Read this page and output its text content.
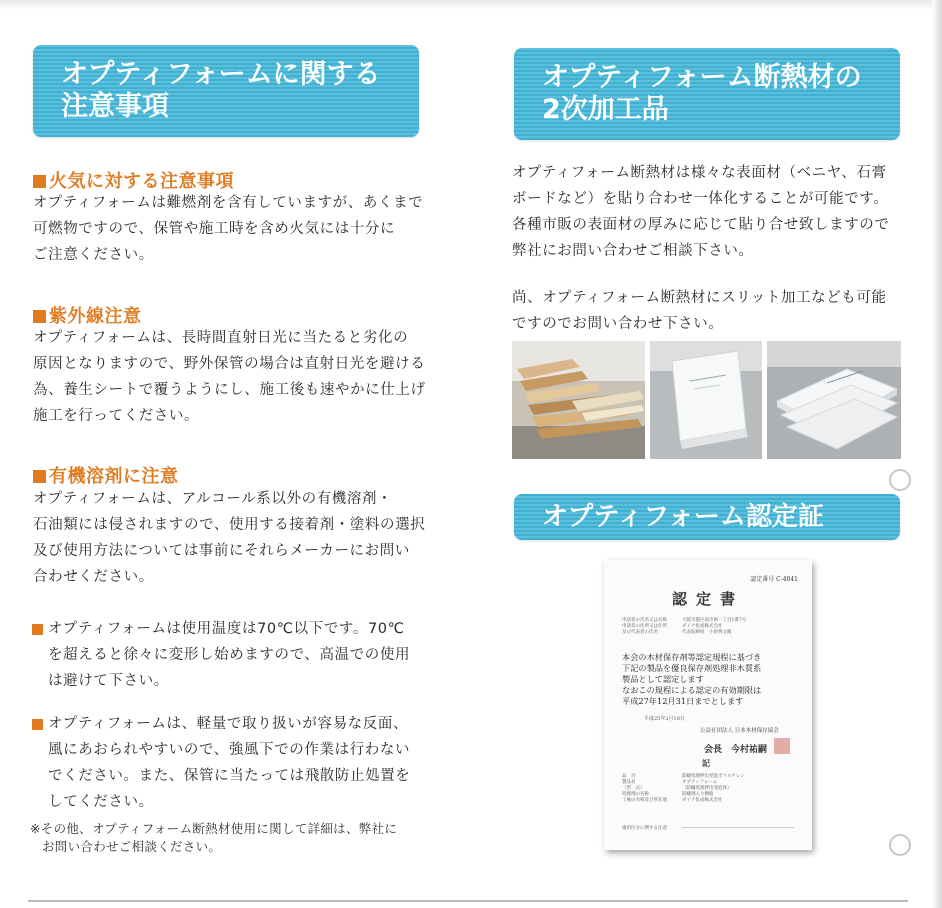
オプティフォームに関する
注意事項
火気に対する注意事項
オプティフォームは難燃剤を含有していますが、あくまで
可燃物ですので、保管や施工時を含め火気には十分に
ご注意ください。
紫外線注意
オプティフォームは、長時間直射日光に当たると劣化の
原因となりますので、野外保管の場合は直射日光を避ける
為、養生シートで覆うようにし、施工後も速やかに仕上げ
施工を行ってください。
有機溶剤に注意
オプティフォームは、アルコール系以外の有機溶剤・
石油類には侵されますので、使用する接着剤・塗料の選択
及び使用方法については事前にそれらメーカーにお問い
合わせください。
オプティフォームは使用温度は70℃以下です。70℃
を超えると徐々に変形し始めますので、高温での使用
は避けて下さい。
オプティフォームは、軽量で取り扱いが容易な反面、
風にあおられやすいので、強風下での作業は行わない
でください。また、保管に当たっては飛散防止処置を
してください。
※その他、オプティフォーム断熱材使用に関して詳細は、弊社に
お問い合わせご相談ください。
オプティフォーム断熱材の
2次加工品
オプティフォーム断熱材は様々な表面材（ベニヤ、石膏
ボードなど）を貼り合わせ一体化することが可能です。
各種市販の表面材の厚みに応じて貼り合せ致しますので
弊社にお問い合わせご相談下さい。
尚、オプティフォーム断熱材にスリット加工なども可能
ですのでお問い合わせ下さい。
オプティフォーム認定証
認定番号 C-4041
認定書
申請者の氏名又は名称
申請者の住所又は住所
及び代表者の氏名
大阪市港区南市岡一丁目1番7号
ダイナ化成株式会社
代表取締役　小原秀文殿
本会の木材保存剤等認定規程に基づき
下記の製品を優良保存剤処理非木質系
製品として認定します
なおこの規程による認定の有効期限は
平成27年12月31日までとします
平成25年2月18日
公益社団法人 日本木材保存協会
会長　今村祐嗣
記
品　目
製品名
（型　式）
処理剤の名称
工場の名称及び所在地
防蟻処理押出発泡ポリスチレン
オプティフォーム
（防蟻処理押出発泡体）
防蟻剤入り樹脂
ダイナ化成株式会社
適用区分に関する注意
